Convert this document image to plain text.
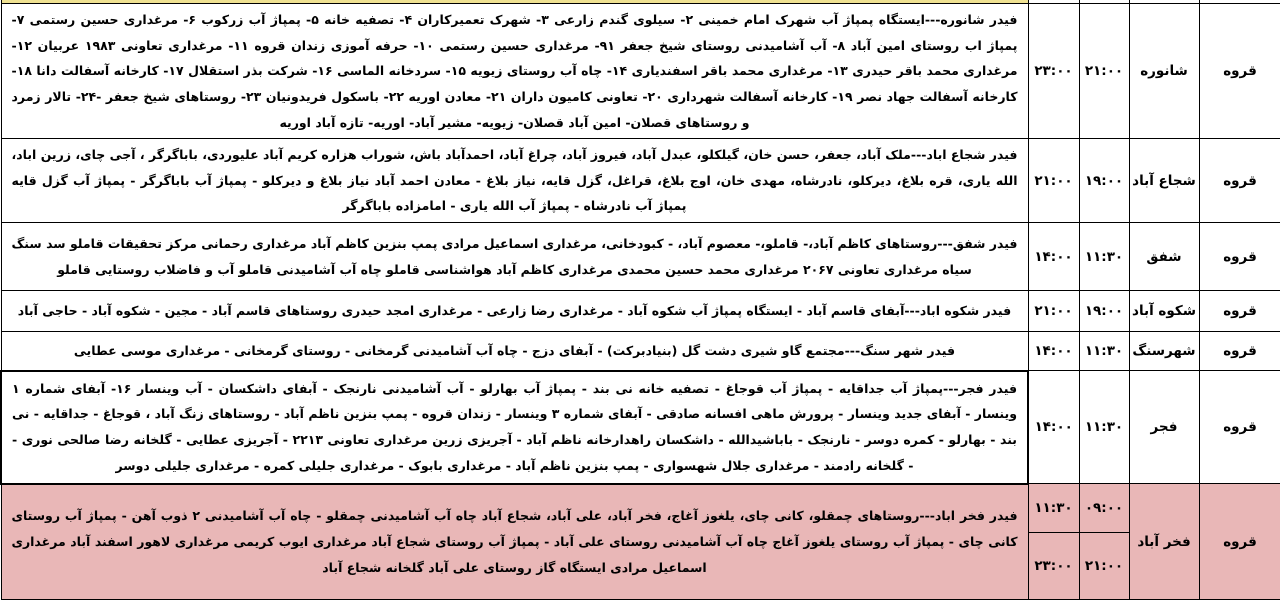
قروه	شانوره	۲۱:۰۰	۲۳:۰۰	فیدر شانوره---ایستگاه پمپاژ آب شهرک امام خمینی ۲- سیلوی گندم زارعی ۳- شهرک تعمیرکاران ۴- تصفیه خانه ۵- پمپاژ آب زرکوب ۶- مرغداری حسین رستمی ۷- پمپاژ اب روستای امین آباد ۸- آب آشامیدنی روستای شیخ جعفر ۹۱- مرغداری حسین رستمی ۱۰- حرفه آموزی زندان قروه ۱۱- مرغداری تعاونی ۱۹۸۳ عربیان ۱۲- مرغداری محمد باقر حیدری ۱۳- مرغداری محمد باقر اسفندیاری ۱۴- چاه آب روستای زیویه ۱۵- سردخانه الماسی ۱۶- شرکت بذر استقلال ۱۷- کارخانه آسفالت دانا ۱۸- کارخانه آسفالت جهاد نصر ۱۹- کارخانه آسفالت شهرداری ۲۰- تعاونی کامیون داران ۲۱- معادن اوریه ۲۲- باسکول فریدونیان ۲۳- روستاهای شیخ جعفر -۲۴- تالار زمرد و روستاهای قصلان- امین آباد قصلان- زیویه- مشیر آباد- اوریه- تازه آباد اوریه
قروه	شجاع آباد	۱۹:۰۰	۲۱:۰۰	فیدر شجاع اباد---ملک آباد، جعفر، حسن خان، گیلکلو، عبدل آباد، فیروز آباد، چراغ آباد، احمدآباد باش، شوراب هزاره کریم آباد علیوردی، باباگرگر ، آجی چای، زرین اباد، الله یاری، قره بلاغ، دیرکلو، نادرشاه، مهدی خان، اوج بلاغ، قراغل، گزل قایه، نیاز بلاغ - معادن احمد آباد نیاز بلاغ و دیرکلو - پمپاژ آب باباگرگر - پمپاژ آب گزل قایه پمپاژ آب نادرشاه - پمپاژ آب الله یاری - امامزاده باباگرگر
قروه	شفق	۱۱:۳۰	۱۴:۰۰	فیدر شفق---روستاهای کاظم آباد،- قاملو،- معصوم آباد، - کبودخانی، مرغداری اسماعیل مرادی پمپ بنزین کاظم آباد مرغداری رحمانی مرکز تحقیقات قاملو سد سنگ سیاه مرغداری تعاونی ۲۰۶۷ مرغداری محمد حسین محمدی مرغداری کاظم آباد هواشناسی قاملو چاه آب آشامیدنی قاملو آب و فاضلاب روستایی قاملو
قروه	شکوه آباد	۱۹:۰۰	۲۱:۰۰	فیدر شکوه اباد---آبفای قاسم آباد - ایستگاه پمپاژ آب شکوه آباد - مرغداری رضا زارعی - مرغداری امجد حیدری روستاهای قاسم آباد - مجین - شکوه آباد - حاجی آباد
قروه	شهرسنگ	۱۱:۳۰	۱۴:۰۰	فیدر شهر سنگ---مجتمع گاو شیری دشت گل (بنیادبرکت) - آبفای دزج - چاه آب آشامیدنی گرمخانی - روستای گرمخانی - مرغداری موسی عطایی
قروه	فجر	۱۱:۳۰	۱۴:۰۰	فیدر فجر---پمپاژ آب جداقایه - پمپاژ آب قوجاغ - تصفیه خانه نی بند - پمپاژ آب بهارلو - آب آشامیدنی نارنجک - آبفای داشکسان - آب وینسار ۱۶- آبفای شماره ۱ وینسار - آبفای جدید وینسار - پرورش ماهی افسانه صادقی - آبفای شماره ۳ وینسار - زندان قروه - پمپ بنزین ناظم آباد - روستاهای زنگ آباد ، قوجاغ - جداقایه - نی بند - بهارلو - کمره دوسر - نارنجک - باباشیدالله - داشکسان راهدارخانه ناظم آباد - آجریزی زرین مرغداری تعاونی ۲۲۱۳ - آجریزی عطایی - گلخانه رضا صالحی نوری - - گلخانه رادمند - مرغداری جلال شهسواری - پمپ بنزین ناظم آباد - مرغداری بابوک - مرغداری جلیلی کمره - مرغداری جلیلی دوسر
قروه	فخر آباد	۰۹:۰۰	۱۱:۳۰	فیدر فخر اباد---روستاهای چمقلو، کانی چای، یلغوز آغاج، فخر آباد، علی آباد، شجاع آباد چاه آب آشامیدنی چمقلو - چاه آب آشامیدنی ۲ ذوب آهن - پمپاژ آب روستای کانی چای - پمپاژ آب روستای یلغوز آغاج چاه آب آشامیدنی روستای علی آباد - پمپاژ آب روستای شجاع آباد مرغداری ایوب کریمی مرغداری لاهور اسفند آباد مرغداری اسماعیل مرادی ایستگاه گاز روستای علی آباد گلخانه شجاع آباد
		۲۱:۰۰	۲۳:۰۰	
